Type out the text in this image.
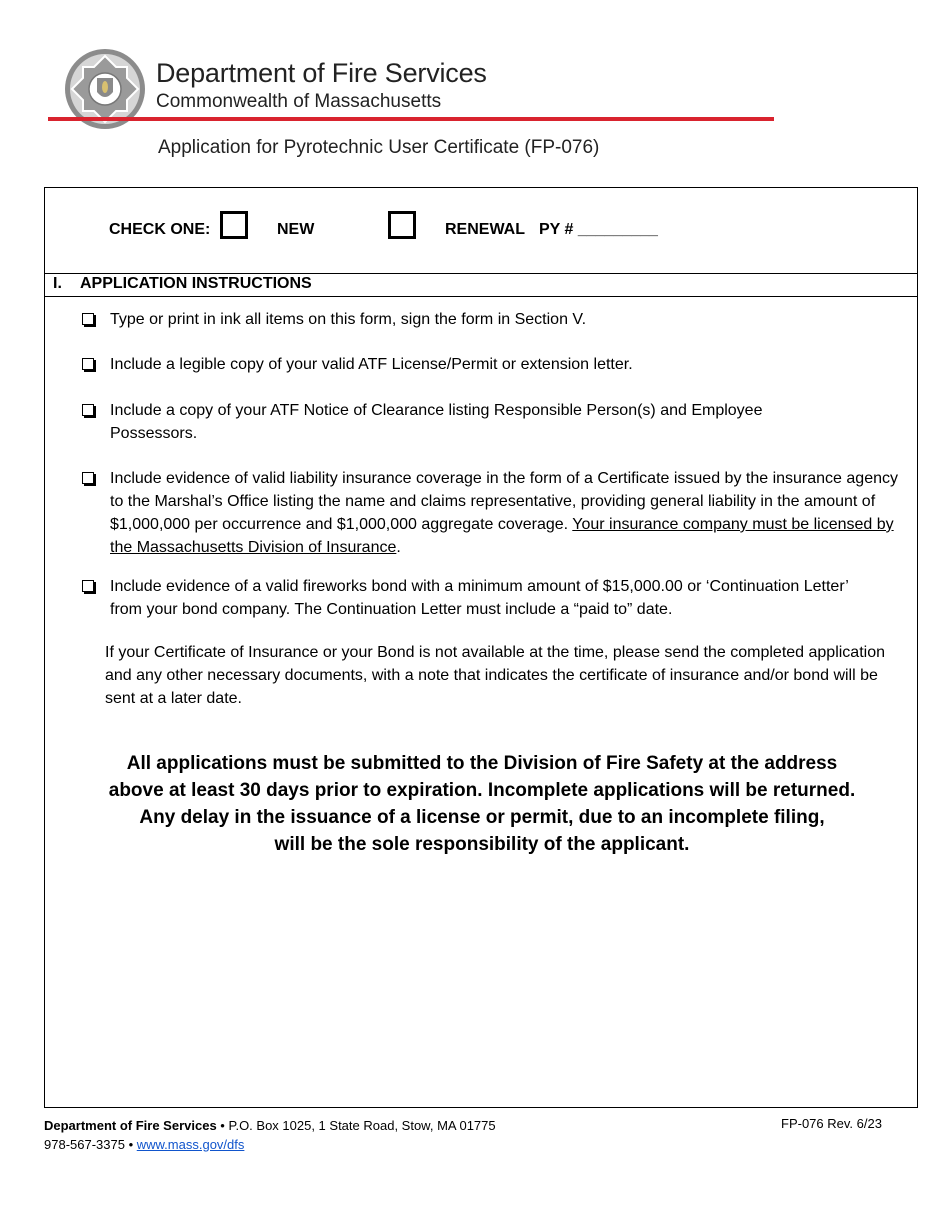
Department of Fire Services
Commonwealth of Massachusetts
Application for Pyrotechnic User Certificate (FP-076)
CHECK ONE:	NEW	RENEWAL PY # _________
I. APPLICATION INSTRUCTIONS
Type or print in ink all items on this form, sign the form in Section V.
Include a legible copy of your valid ATF License/Permit or extension letter.
Include a copy of your ATF Notice of Clearance listing Responsible Person(s) and Employee Possessors.
Include evidence of valid liability insurance coverage in the form of a Certificate issued by the insurance agency to the Marshal’s Office listing the name and claims representative, providing general liability in the amount of $1,000,000 per occurrence and $1,000,000 aggregate coverage. Your insurance company must be licensed by the Massachusetts Division of Insurance.
Include evidence of a valid fireworks bond with a minimum amount of $15,000.00 or ‘Continuation Letter’ from your bond company. The Continuation Letter must include a “paid to” date.
If your Certificate of Insurance or your Bond is not available at the time, please send the completed application and any other necessary documents, with a note that indicates the certificate of insurance and/or bond will be sent at a later date.
All applications must be submitted to the Division of Fire Safety at the address
above at least 30 days prior to expiration. Incomplete applications will be returned.
Any delay in the issuance of a license or permit, due to an incomplete filing,
will be the sole responsibility of the applicant.
Department of Fire Services • P.O. Box 1025, 1 State Road, Stow, MA 01775
978-567-3375 • www.mass.gov/dfs
FP-076 Rev. 6/23
